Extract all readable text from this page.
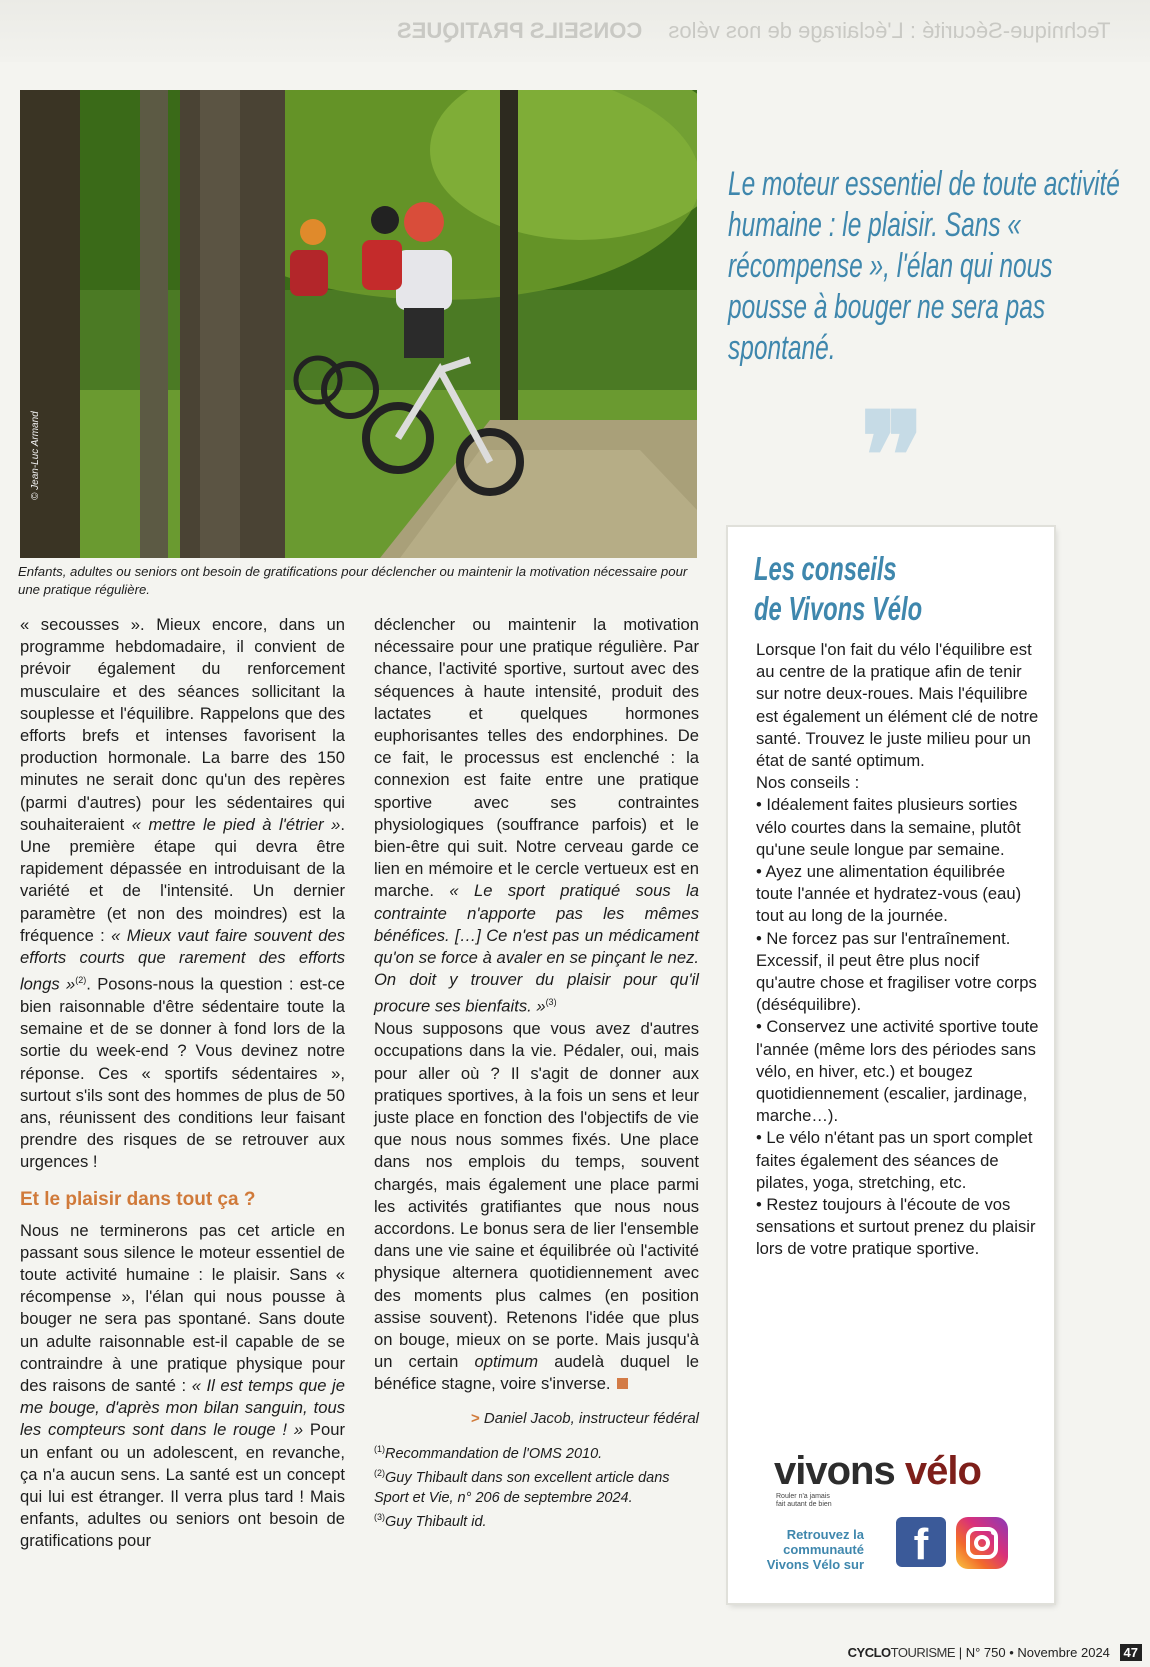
Technique-Sécurité : L'éclairage de nos vélos CONSEILS PRATIQUES
© Jean-Luc Armand

Enfants, adultes ou seniors ont besoin de gratifications pour déclencher ou maintenir la motivation nécessaire pour une pratique régulière.

« secousses ». Mieux encore, dans un programme hebdomadaire, il convient de prévoir également du renforcement musculaire et des séances sollicitant la souplesse et l'équilibre. Rappelons que des efforts brefs et intenses favorisent la production hormonale. La barre des 150 minutes ne serait donc qu'un des repères (parmi d'autres) pour les sédentaires qui souhaiteraient « mettre le pied à l'étrier ». Une première étape qui devra être rapidement dépassée en introduisant de la variété et de l'intensité. Un dernier paramètre (et non des moindres) est la fréquence : « Mieux vaut faire souvent des efforts courts que rarement des efforts longs »$^{(2)}$. Posons-nous la question : est-ce bien raisonnable d'être sédentaire toute la semaine et de se donner à fond lors de la sortie du week-end ? Vous devinez notre réponse. Ces « sportifs sédentaires », surtout s'ils sont des hommes de plus de 50 ans, réunissent des conditions leur faisant prendre des risques de se retrouver aux urgences !

Et le plaisir dans tout ça ?

Nous ne terminerons pas cet article en passant sous silence le moteur essentiel de toute activité humaine : le plaisir. Sans « récompense », l'élan qui nous pousse à bouger ne sera pas spontané. Sans doute un adulte raisonnable est-il capable de se contraindre à une pratique physique pour des raisons de santé : « Il est temps que je me bouge, d'après mon bilan sanguin, tous les compteurs sont dans le rouge ! » Pour un enfant ou un adolescent, en revanche, ça n'a aucun sens. La santé est un concept qui lui est étranger. Il verra plus tard ! Mais enfants, adultes ou seniors ont besoin de gratifications pour

déclencher ou maintenir la motivation nécessaire pour une pratique régulière. Par chance, l'activité sportive, surtout avec des séquences à haute intensité, produit des lactates et quelques hormones euphorisantes telles des endorphines. De ce fait, le processus est enclenché : la connexion est faite entre une pratique sportive avec ses contraintes physiologiques (souffrance parfois) et le bien-être qui suit. Notre cerveau garde ce lien en mémoire et le cercle vertueux est en marche. « Le sport pratiqué sous la contrainte n'apporte pas les mêmes bénéfices. […] Ce n'est pas un médicament qu'on se force à avaler en se pinçant le nez. On doit y trouver du plaisir pour qu'il procure ses bienfaits. »$^{(3)}$

Nous supposons que vous avez d'autres occupations dans la vie. Pédaler, oui, mais pour aller où ? Il s'agit de donner aux pratiques sportives, à la fois un sens et leur juste place en fonction des l'objectifs de vie que nous nous sommes fixés. Une place dans nos emplois du temps, souvent chargés, mais également une place parmi les activités gratifiantes que nous nous accordons. Le bonus sera de lier l'ensemble dans une vie saine et équilibrée où l'activité physique alternera quotidiennement avec des moments plus calmes (en position assise souvent). Retenons l'idée que plus on bouge, mieux on se porte. Mais jusqu'à un certain optimum audelà duquel le bénéfice stagne, voire s'inverse.

> Daniel Jacob, instructeur fédéral

$^{(1)}$Recommandation de l'OMS 2010.

$^{(2)}$Guy Thibault dans son excellent article dans Sport et Vie, n° 206 de septembre 2024.

$^{(3)}$Guy Thibault id.

Le moteur essentiel de toute activité humaine : le plaisir. Sans « récompense », l'élan qui nous pousse à bouger ne sera pas spontané.
❞
Les conseils
de Vivons Vélo

Lorsque l'on fait du vélo l'équilibre est au centre de la pratique afin de tenir sur notre deux-roues. Mais l'équilibre est également un élément clé de notre santé. Trouvez le juste milieu pour un état de santé optimum.

Nos conseils :

• Idéalement faites plusieurs sorties vélo courtes dans la semaine, plutôt qu'une seule longue par semaine.

• Ayez une alimentation équilibrée toute l'année et hydratez-vous (eau) tout au long de la journée.

• Ne forcez pas sur l'entraînement. Excessif, il peut être plus nocif qu'autre chose et fragiliser votre corps (déséquilibre).

• Conservez une activité sportive toute l'année (même lors des périodes sans vélo, en hiver, etc.) et bougez quotidiennement (escalier, jardinage, marche…).

• Le vélo n'étant pas un sport complet faites également des séances de pilates, yoga, stretching, etc.

• Restez toujours à l'écoute de vos sensations et surtout prenez du plaisir lors de votre pratique sportive.

vivons vélo
Rouler n'a jamais fait autant de bien
Retrouvez la communauté Vivons Vélo sur	f
CYCLOTOURISME | N° 750 • Novembre 2024 47
